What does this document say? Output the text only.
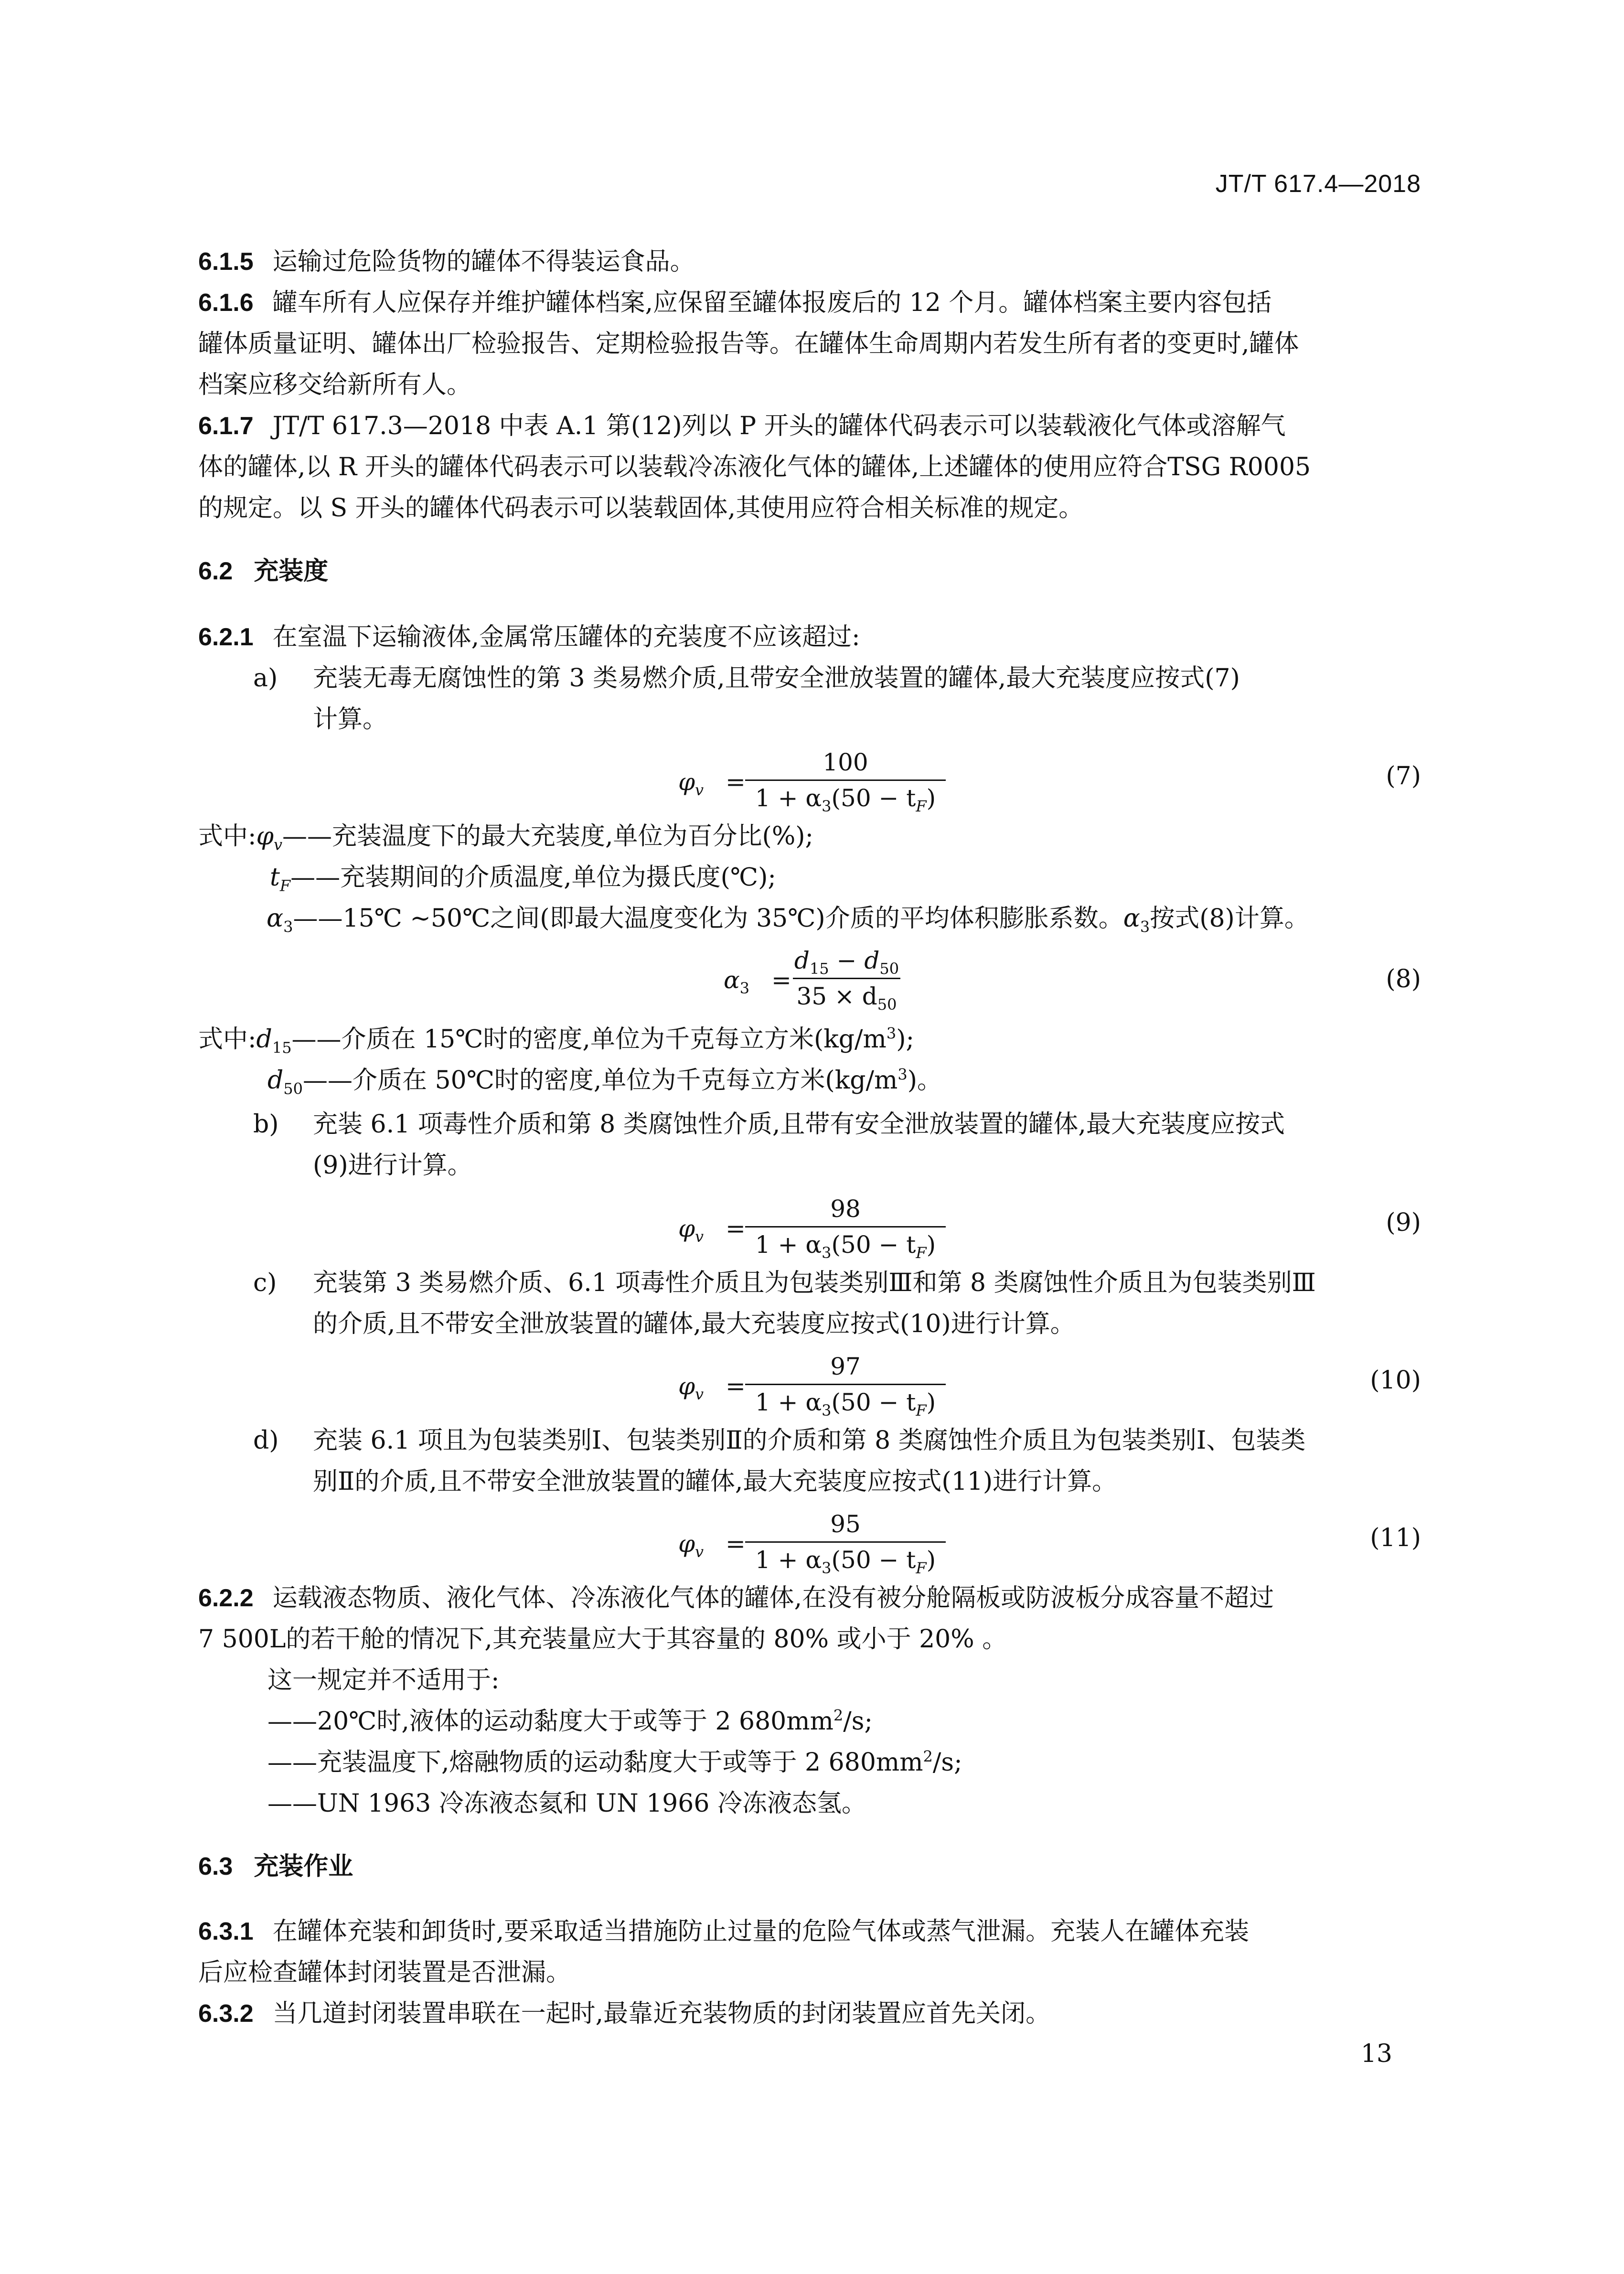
JT/T 617.4—2018
6.1.5 运输过危险货物的罐体不得装运食品。
6.1.6 罐车所有人应保存并维护罐体档案,应保留至罐体报废后的 12 个月。罐体档案主要内容包括
罐体质量证明、罐体出厂检验报告、定期检验报告等。在罐体生命周期内若发生所有者的变更时,罐体
档案应移交给新所有人。
6.1.7 JT/T 617.3—2018 中表 A.1 第(12)列以 P 开头的罐体代码表示可以装载液化气体或溶解气
体的罐体,以 R 开头的罐体代码表示可以装载冷冻液化气体的罐体,上述罐体的使用应符合TSG R0005
的规定。以 S 开头的罐体代码表示可以装载固体,其使用应符合相关标准的规定。
6.2 充装度
6.2.1 在室温下运输液体,金属常压罐体的充装度不应该超过:
a) 充装无毒无腐蚀性的第 3 类易燃介质,且带安全泄放装置的罐体,最大充装度应按式(7)
计算。
$\varphi_v$ =
100
$1 + \alpha_3(50 - t_F)$
(7)
式中$:\varphi_v——$充装温度下的最大充装度,单位为百分比(%);
$t_F——$充装期间的介质温度,单位为摄氏度(℃);
$\alpha_3——15℃$ ~50℃之间(即最大温度变化为 35℃)介质的平均体积膨胀系数。$\alpha_3$按式(8)计算。
$\alpha_3$ =
$d_{15} - d_{50}$
$35 \times d_{50}$
(8)
式中$:d_{15}——$介质在 15℃时的密度,单位为千克每立方米$(kg/m^3)$;
$d_{50}——$介质在 50℃时的密度,单位为千克每立方米$(kg/m^3)$。
b) 充装 6.1 项毒性介质和第 8 类腐蚀性介质,且带有安全泄放装置的罐体,最大充装度应按式
(9)进行计算。
$\varphi_v$ =
98
$1 + \alpha_3(50 - t_F)$
(9)
c) 充装第 3 类易燃介质、6.1 项毒性介质且为包装类别Ⅲ和第 8 类腐蚀性介质且为包装类别Ⅲ
的介质,且不带安全泄放装置的罐体,最大充装度应按式(10)进行计算。
$\varphi_v$ =
97
$1 + \alpha_3(50 - t_F)$
(10)
d) 充装 6.1 项且为包装类别Ⅰ、包装类别Ⅱ的介质和第 8 类腐蚀性介质且为包装类别Ⅰ、包装类
别Ⅱ的介质,且不带安全泄放装置的罐体,最大充装度应按式(11)进行计算。
$\varphi_v$ =
95
$1 + \alpha_3(50 - t_F)$
(11)
6.2.2 运载液态物质、液化气体、冷冻液化气体的罐体,在没有被分舱隔板或防波板分成容量不超过
7 500L的若干舱的情况下,其充装量应大于其容量的 80% 或小于 20% 。
这一规定并不适用于:
——20℃时,液体的运动黏度大于或等于 2 $680mm^2/s$;
——充装温度下,熔融物质的运动黏度大于或等于 2 $680mm^2/s$;
——UN 1963 冷冻液态氦和 UN 1966 冷冻液态氢。
6.3 充装作业
6.3.1 在罐体充装和卸货时,要采取适当措施防止过量的危险气体或蒸气泄漏。充装人在罐体充装
后应检查罐体封闭装置是否泄漏。
6.3.2 当几道封闭装置串联在一起时,最靠近充装物质的封闭装置应首先关闭。
13
